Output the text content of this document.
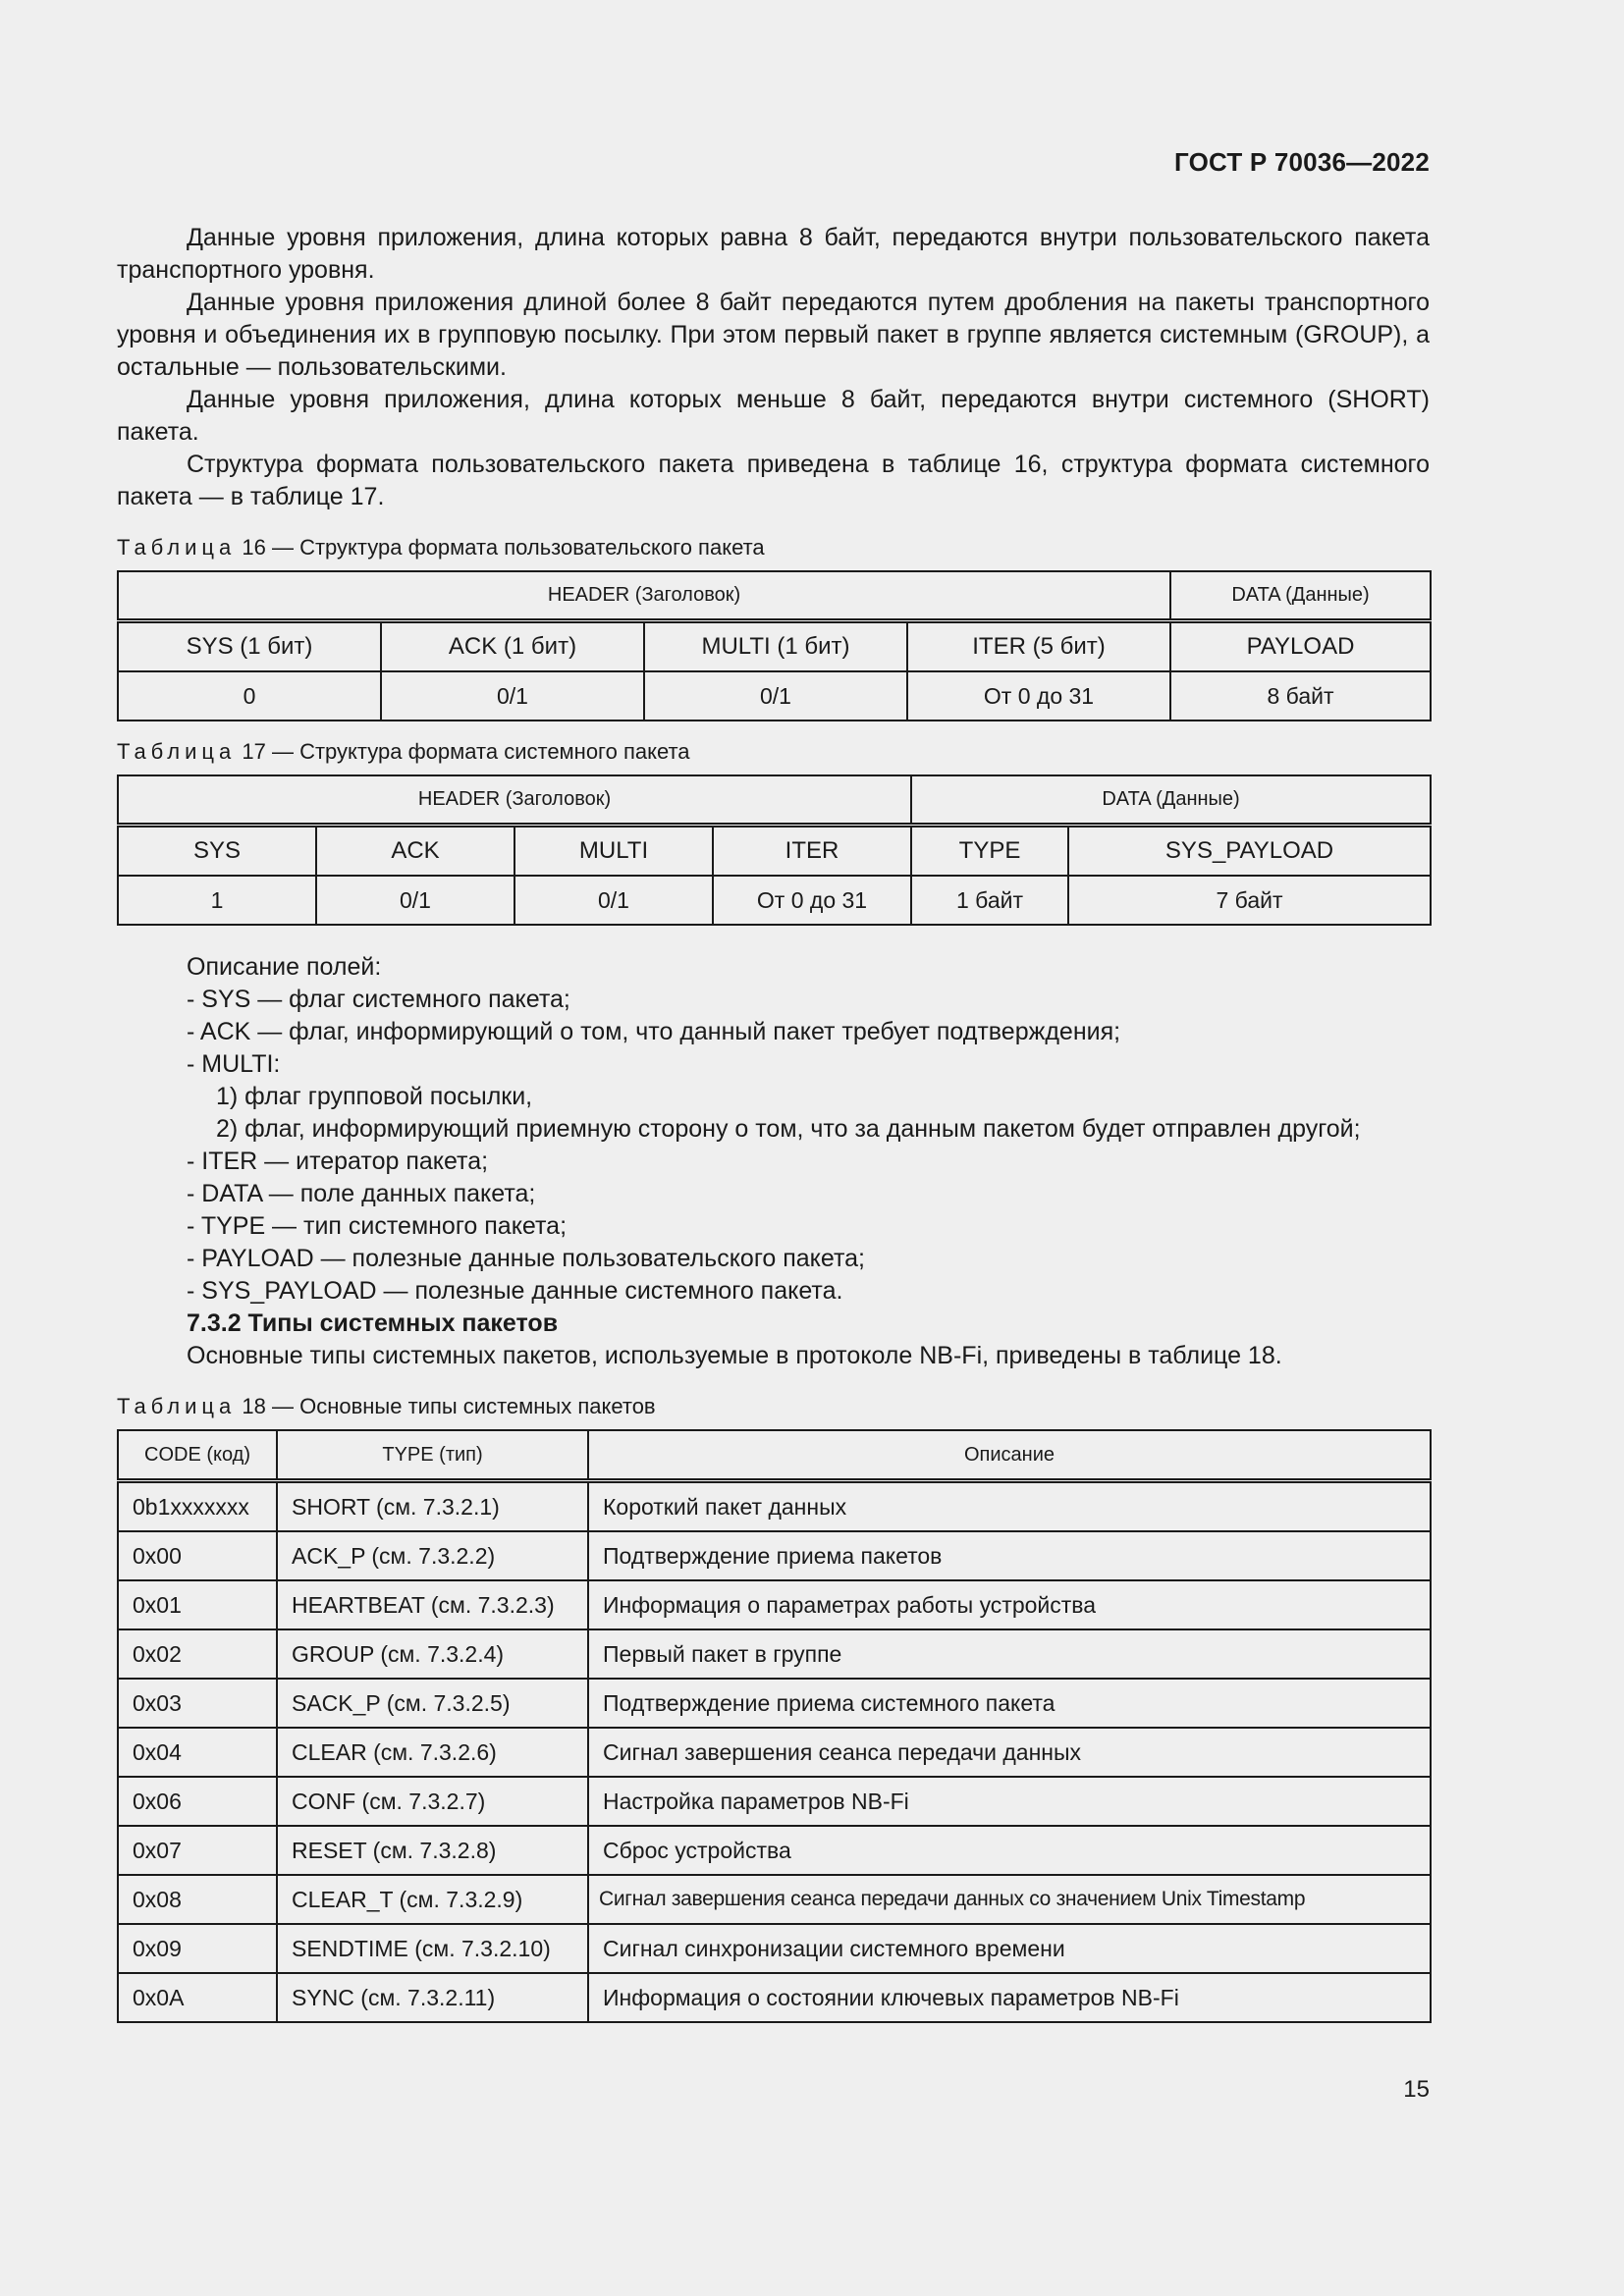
ГОСТ Р 70036—2022

Данные уровня приложения, длина которых равна 8 байт, передаются внутри пользовательского пакета транспортного уровня.

Данные уровня приложения длиной более 8 байт передаются путем дробления на пакеты транспортного уровня и объединения их в групповую посылку. При этом первый пакет в группе является системным (GROUP), а остальные — пользовательскими.

Данные уровня приложения, длина которых меньше 8 байт, передаются внутри системного (SHORT) пакета.

Структура формата пользовательского пакета приведена в таблице 16, структура формата системного пакета — в таблице 17.

Таблица 16 — Структура формата пользовательского пакета

HEADER (Заголовок)				DATA (Данные)
SYS (1 бит)	ACK (1 бит)	MULTI (1 бит)	ITER (5 бит)	PAYLOAD
0	0/1	0/1	От 0 до 31	8 байт

Таблица 17 — Структура формата системного пакета

HEADER (Заголовок)				DATA (Данные)	
SYS	ACK	MULTI	ITER	TYPE	SYS_PAYLOAD
1	0/1	0/1	От 0 до 31	1 байт	7 байт

Описание полей:

- SYS — флаг системного пакета;

- ACK — флаг, информирующий о том, что данный пакет требует подтверждения;

- MULTI:

1) флаг групповой посылки,

2) флаг, информирующий приемную сторону о том, что за данным пакетом будет отправлен другой;

- ITER — итератор пакета;

- DATA — поле данных пакета;

- TYPE — тип системного пакета;

- PAYLOAD — полезные данные пользовательского пакета;

- SYS_PAYLOAD — полезные данные системного пакета.

7.3.2 Типы системных пакетов

Основные типы системных пакетов, используемые в протоколе NB-Fi, приведены в таблице 18.

Таблица 18 — Основные типы системных пакетов

CODE (код)	TYPE (тип)	Описание
0b1xxxxxxx	SHORT (см. 7.3.2.1)	Короткий пакет данных
0x00	ACK_P (см. 7.3.2.2)	Подтверждение приема пакетов
0x01	HEARTBEAT (см. 7.3.2.3)	Информация о параметрах работы устройства
0x02	GROUP (см. 7.3.2.4)	Первый пакет в группе
0x03	SACK_P (см. 7.3.2.5)	Подтверждение приема системного пакета
0x04	CLEAR (см. 7.3.2.6)	Сигнал завершения сеанса передачи данных
0x06	CONF (см. 7.3.2.7)	Настройка параметров NB-Fi
0x07	RESET (см. 7.3.2.8)	Сброс устройства
0x08	CLEAR_T (см. 7.3.2.9)	Сигнал завершения сеанса передачи данных со значением Unix Timestamp
0x09	SENDTIME (см. 7.3.2.10)	Сигнал синхронизации системного времени
0x0A	SYNC (см. 7.3.2.11)	Информация о состоянии ключевых параметров NB-Fi
15
